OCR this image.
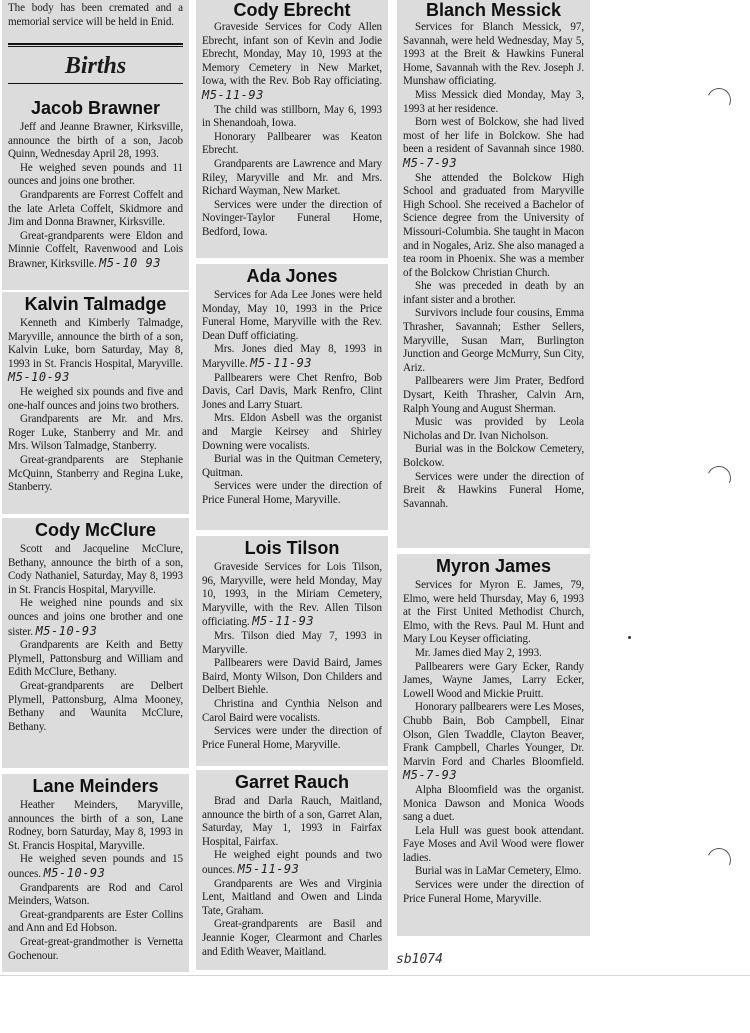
The body has been cremated and a memorial service will be held in Enid.

Births
Jacob Brawner

Jeff and Jeanne Brawner, Kirksville, announce the birth of a son, Jacob Quinn, Wednesday April 28, 1993.

He weighed seven pounds and 11 ounces and joins one brother.

Grandparents are Forrest Coffelt and the late Arleta Coffelt, Skidmore and Jim and Donna Brawner, Kirksville.

Great-grandparents were Eldon and Minnie Coffelt, Ravenwood and Lois Brawner, Kirksville. M5-10 93

Kalvin Talmadge

Kenneth and Kimberly Talmadge, Maryville, announce the birth of a son, Kalvin Luke, born Saturday, May 8, 1993 in St. Francis Hospital, Maryville. M5-10-93

He weighed six pounds and five and one-half ounces and joins two brothers.

Grandparents are Mr. and Mrs. Roger Luke, Stanberry and Mr. and Mrs. Wilson Talmadge, Stanberry.

Great-grandparents are Stephanie McQuinn, Stanberry and Regina Luke, Stanberry.

Cody McClure

Scott and Jacqueline McClure, Bethany, announce the birth of a son, Cody Nathaniel, Saturday, May 8, 1993 in St. Francis Hospital, Maryville.

He weighed nine pounds and six ounces and joins one brother and one sister. M5-10-93

Grandparents are Keith and Betty Plymell, Pattonsburg and William and Edith McClure, Bethany.

Great-grandparents are Delbert Plymell, Pattonsburg, Alma Mooney, Bethany and Waunita McClure, Bethany.

Lane Meinders

Heather Meinders, Maryville, announces the birth of a son, Lane Rodney, born Saturday, May 8, 1993 in St. Francis Hospital, Maryville.

He weighed seven pounds and 15 ounces. M5-10-93

Grandparents are Rod and Carol Meinders, Watson.

Great-grandparents are Ester Collins and Ann and Ed Hobson.

Great-great-grandmother is Vernetta Gochenour.

Cody Ebrecht

Graveside Services for Cody Allen Ebrecht, infant son of Kevin and Jodie Ebrecht, Monday, May 10, 1993 at the Memory Cemetery in New Market, Iowa, with the Rev. Bob Ray officiating. M5-11-93

The child was stillborn, May 6, 1993 in Shenandoah, Iowa.

Honorary Pallbearer was Keaton Ebrecht.

Grandparents are Lawrence and Mary Riley, Maryville and Mr. and Mrs. Richard Wayman, New Market.

Services were under the direction of Novinger-Taylor Funeral Home, Bedford, Iowa.

Ada Jones

Services for Ada Lee Jones were held Monday, May 10, 1993 in the Price Funeral Home, Maryville with the Rev. Dean Duff officiating.

Mrs. Jones died May 8, 1993 in Maryville. M5-11-93

Pallbearers were Chet Renfro, Bob Davis, Carl Davis, Mark Renfro, Clint Jones and Larry Stuart.

Mrs. Eldon Asbell was the organist and Margie Keirsey and Shirley Downing were vocalists.

Burial was in the Quitman Cemetery, Quitman.

Services were under the direction of Price Funeral Home, Maryville.

Lois Tilson

Graveside Services for Lois Tilson, 96, Maryville, were held Monday, May 10, 1993, in the Miriam Cemetery, Maryville, with the Rev. Allen Tilson officiating. M5-11-93

Mrs. Tilson died May 7, 1993 in Maryville.

Pallbearers were David Baird, James Baird, Monty Wilson, Don Childers and Delbert Biehle.

Christina and Cynthia Nelson and Carol Baird were vocalists.

Services were under the direction of Price Funeral Home, Maryville.

Garret Rauch

Brad and Darla Rauch, Maitland, announce the birth of a son, Garret Alan, Saturday, May 1, 1993 in Fairfax Hospital, Fairfax.

He weighed eight pounds and two ounces. M5-11-93

Grandparents are Wes and Virginia Lent, Maitland and Owen and Linda Tate, Graham.

Great-grandparents are Basil and Jeannie Koger, Clearmont and Charles and Edith Weaver, Maitland.

Blanch Messick

Services for Blanch Messick, 97, Savannah, were held Wednesday, May 5, 1993 at the Breit & Hawkins Funeral Home, Savannah with the Rev. Joseph J. Munshaw officiating.

Miss Messick died Monday, May 3, 1993 at her residence.

Born west of Bolckow, she had lived most of her life in Bolckow. She had been a resident of Savannah since 1980. M5-7-93

She attended the Bolckow High School and graduated from Maryville High School. She received a Bachelor of Science degree from the University of Missouri-Columbia. She taught in Macon and in Nogales, Ariz. She also managed a tea room in Phoenix. She was a member of the Bolckow Christian Church.

She was preceded in death by an infant sister and a brother.

Survivors include four cousins, Emma Thrasher, Savannah; Esther Sellers, Maryville, Susan Marr, Burlington Junction and George McMurry, Sun City, Ariz.

Pallbearers were Jim Prater, Bedford Dysart, Keith Thrasher, Calvin Arn, Ralph Young and August Sherman.

Music was provided by Leola Nicholas and Dr. Ivan Nicholson.

Burial was in the Bolckow Cemetery, Bolckow.

Services were under the direction of Breit & Hawkins Funeral Home, Savannah.

Myron James

Services for Myron E. James, 79, Elmo, were held Thursday, May 6, 1993 at the First United Methodist Church, Elmo, with the Revs. Paul M. Hunt and Mary Lou Keyser officiating.

Mr. James died May 2, 1993.

Pallbearers were Gary Ecker, Randy James, Wayne James, Larry Ecker, Lowell Wood and Mickie Pruitt.

Honorary pallbearers were Les Moses, Chubb Bain, Bob Campbell, Einar Olson, Glen Twaddle, Clayton Beaver, Frank Campbell, Charles Younger, Dr. Marvin Ford and Charles Bloomfield. M5-7-93

Alpha Bloomfield was the organist. Monica Dawson and Monica Woods sang a duet.

Lela Hull was guest book attendant. Faye Moses and Avil Wood were flower ladies.

Burial was in LaMar Cemetery, Elmo.

Services were under the direction of Price Funeral Home, Maryville.

sb1074
